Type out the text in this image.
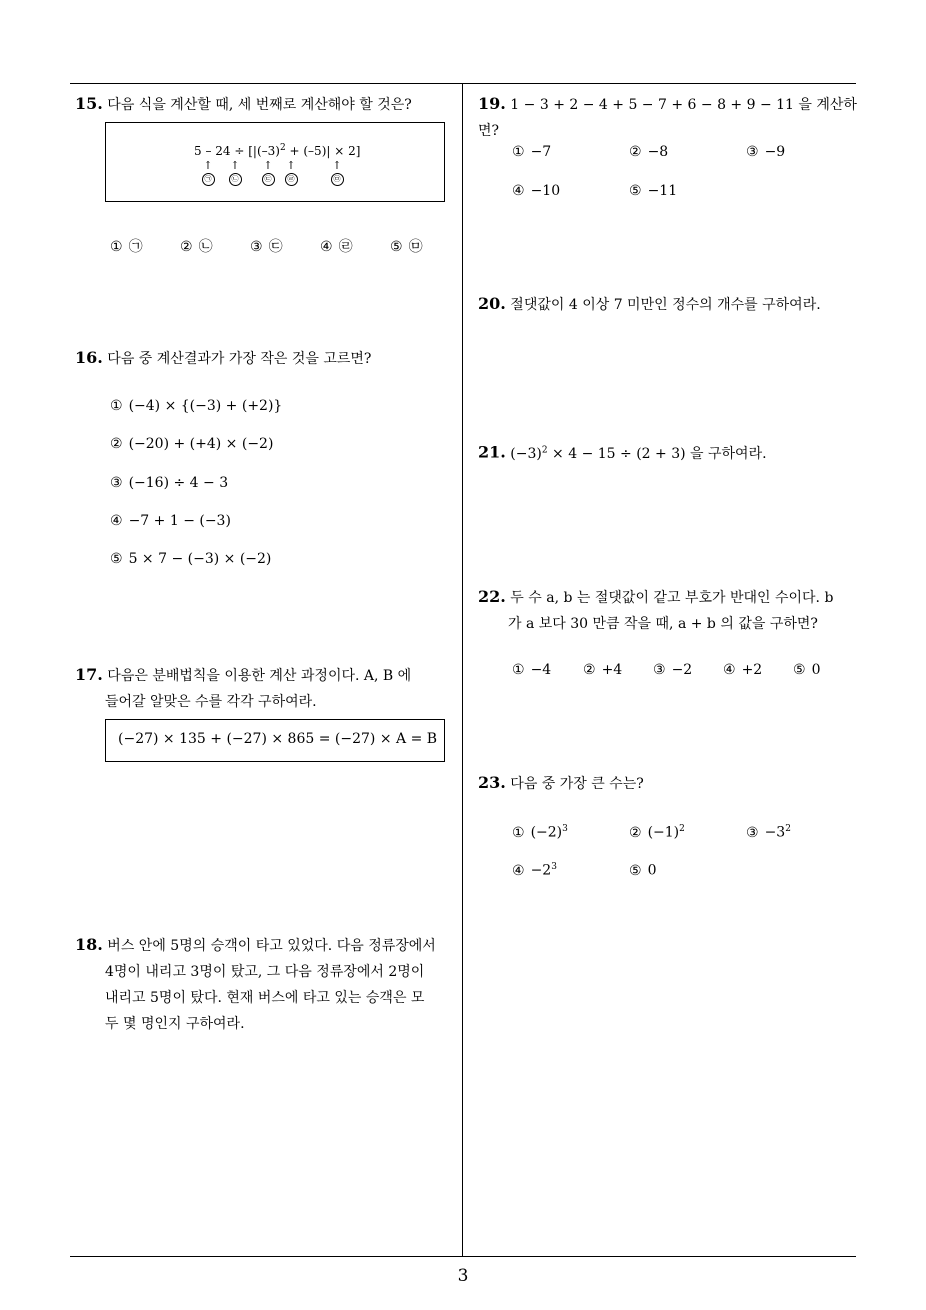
3
15. 다음 식을 계산할 때, 세 번째로 계산해야 할 것은?
$5 - 24 \div [|(-3)^2 + (-5)| \times 2]$
↑
㉠
↑
㉡
↑
㉢
↑
㉣
↑
㉤
① ㉠	② ㉡	③ ㉢	④ ㉣	⑤ ㉤
16. 다음 중 계산결과가 가장 작은 것을 고르면?
① (−4) × {(−3) + (+2)}
② (−20) + (+4) × (−2)
③ (−16) ÷ 4 − 3
④ −7 + 1 − (−3)
⑤ 5 × 7 − (−3) × (−2)
17. 다음은 분배법칙을 이용한 계산 과정이다. A, B 에
들어갈 알맞은 수를 각각 구하여라.
(−27) × 135 + (−27) × 865 = (−27) × A = B
18. 버스 안에 5명의 승객이 타고 있었다. 다음 정류장에서
4명이 내리고 3명이 탔고, 그 다음 정류장에서 2명이
내리고 5명이 탔다. 현재 버스에 타고 있는 승객은 모
두 몇 명인지 구하여라.
19. 1 − 3 + 2 − 4 + 5 − 7 + 6 − 8 + 9 − 11 을 계산하면?
① −7	② −8	③ −9
④ −10	⑤ −11
20. 절댓값이 4 이상 7 미만인 정수의 개수를 구하여라.
21. $(-3)^2 \times 4 - 15 \div (2 + 3)$ 을 구하여라.
22. 두 수 a, b 는 절댓값이 같고 부호가 반대인 수이다. b
가 a 보다 30 만큼 작을 때, a + b 의 값을 구하면?
① −4 ② +4 ③ −2 ④ +2 ⑤ 0
23. 다음 중 가장 큰 수는?
① $(-2)^3$	② $(-1)^2$	③ $-3^2$
④ $-2^3$	⑤ 0
